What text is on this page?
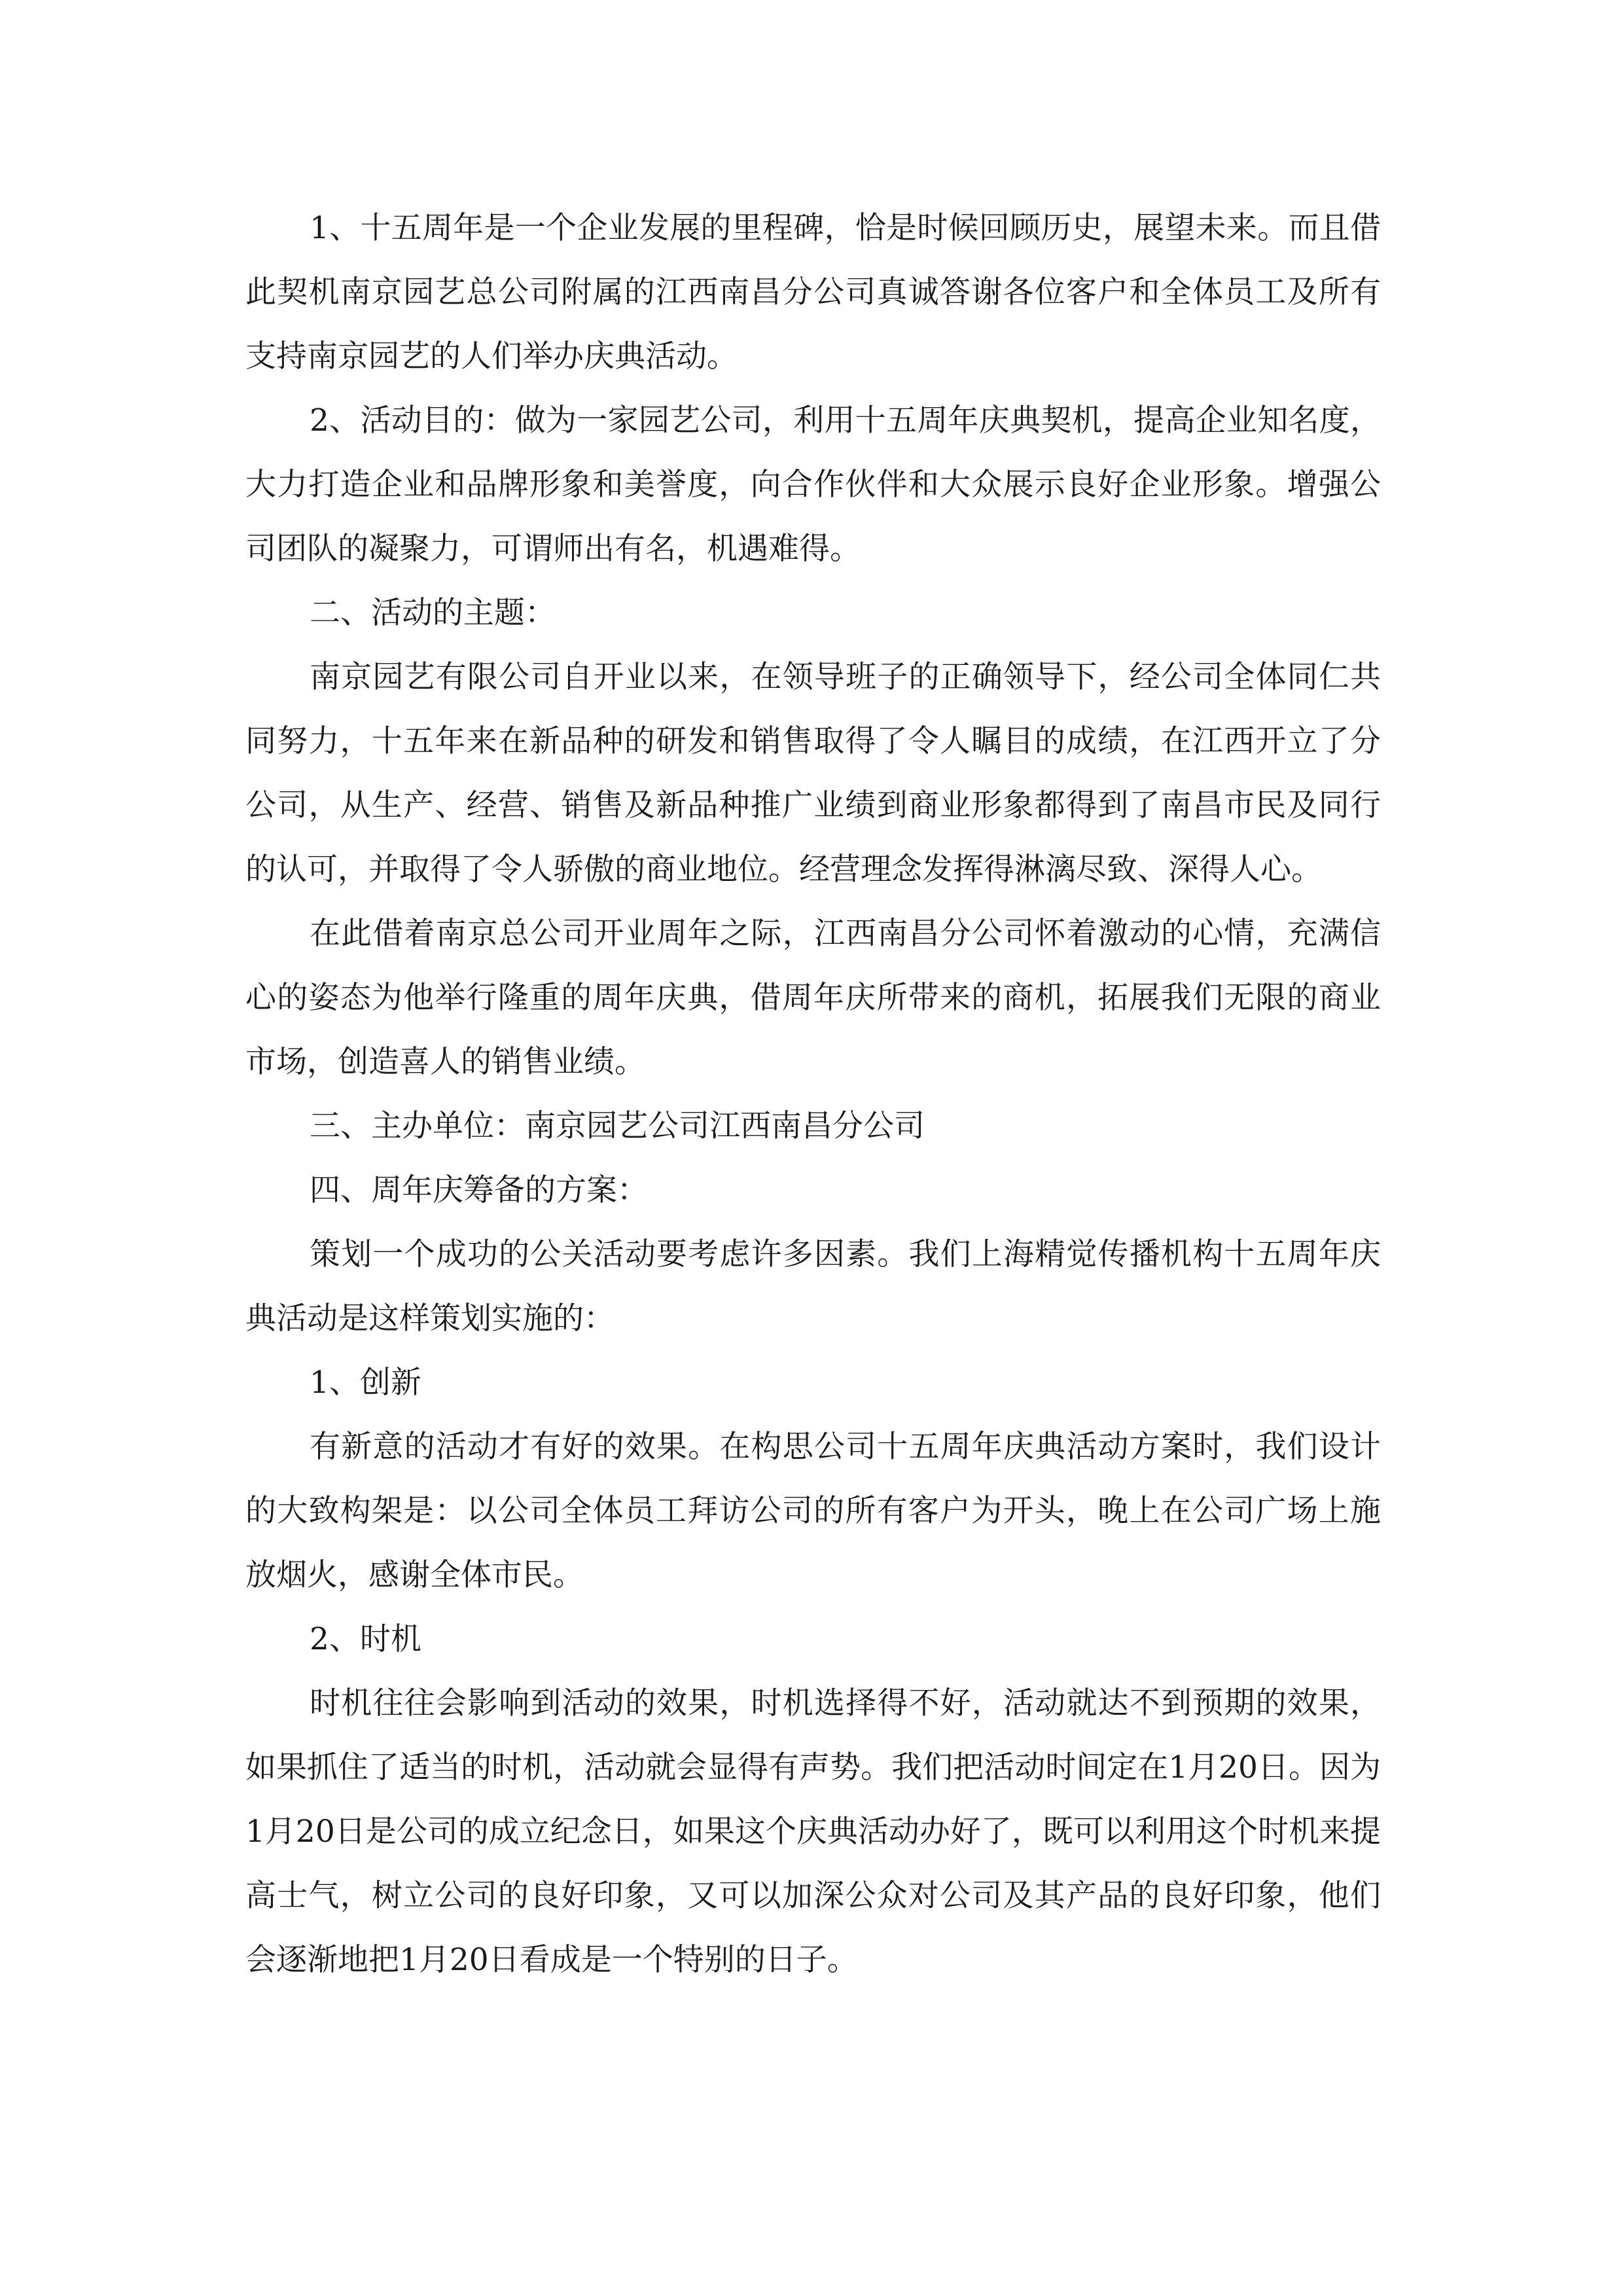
1、十五周年是一个企业发展的里程碑，恰是时候回顾历史，展望未来。而且借此契机南京园艺总公司附属的江西南昌分公司真诚答谢各位客户和全体员工及所有支持南京园艺的人们举办庆典活动。

2、活动目的：做为一家园艺公司，利用十五周年庆典契机，提高企业知名度，大力打造企业和品牌形象和美誉度，向合作伙伴和大众展示良好企业形象。增强公司团队的凝聚力，可谓师出有名，机遇难得。

二、活动的主题：

南京园艺有限公司自开业以来，在领导班子的正确领导下，经公司全体同仁共同努力，十五年来在新品种的研发和销售取得了令人瞩目的成绩，在江西开立了分公司，从生产、经营、销售及新品种推广业绩到商业形象都得到了南昌市民及同行的认可，并取得了令人骄傲的商业地位。经营理念发挥得淋漓尽致、深得人心。

在此借着南京总公司开业周年之际，江西南昌分公司怀着激动的心情，充满信心的姿态为他举行隆重的周年庆典，借周年庆所带来的商机，拓展我们无限的商业市场，创造喜人的销售业绩。

三、主办单位：南京园艺公司江西南昌分公司

四、周年庆筹备的方案：

策划一个成功的公关活动要考虑许多因素。我们上海精觉传播机构十五周年庆典活动是这样策划实施的：

1、创新

有新意的活动才有好的效果。在构思公司十五周年庆典活动方案时，我们设计的大致构架是：以公司全体员工拜访公司的所有客户为开头，晚上在公司广场上施放烟火，感谢全体市民。

2、时机

时机往往会影响到活动的效果，时机选择得不好，活动就达不到预期的效果，如果抓住了适当的时机，活动就会显得有声势。我们把活动时间定在1月20日。因为1月20日是公司的成立纪念日，如果这个庆典活动办好了，既可以利用这个时机来提高士气，树立公司的良好印象，又可以加深公众对公司及其产品的良好印象，他们会逐渐地把1月20日看成是一个特别的日子。
